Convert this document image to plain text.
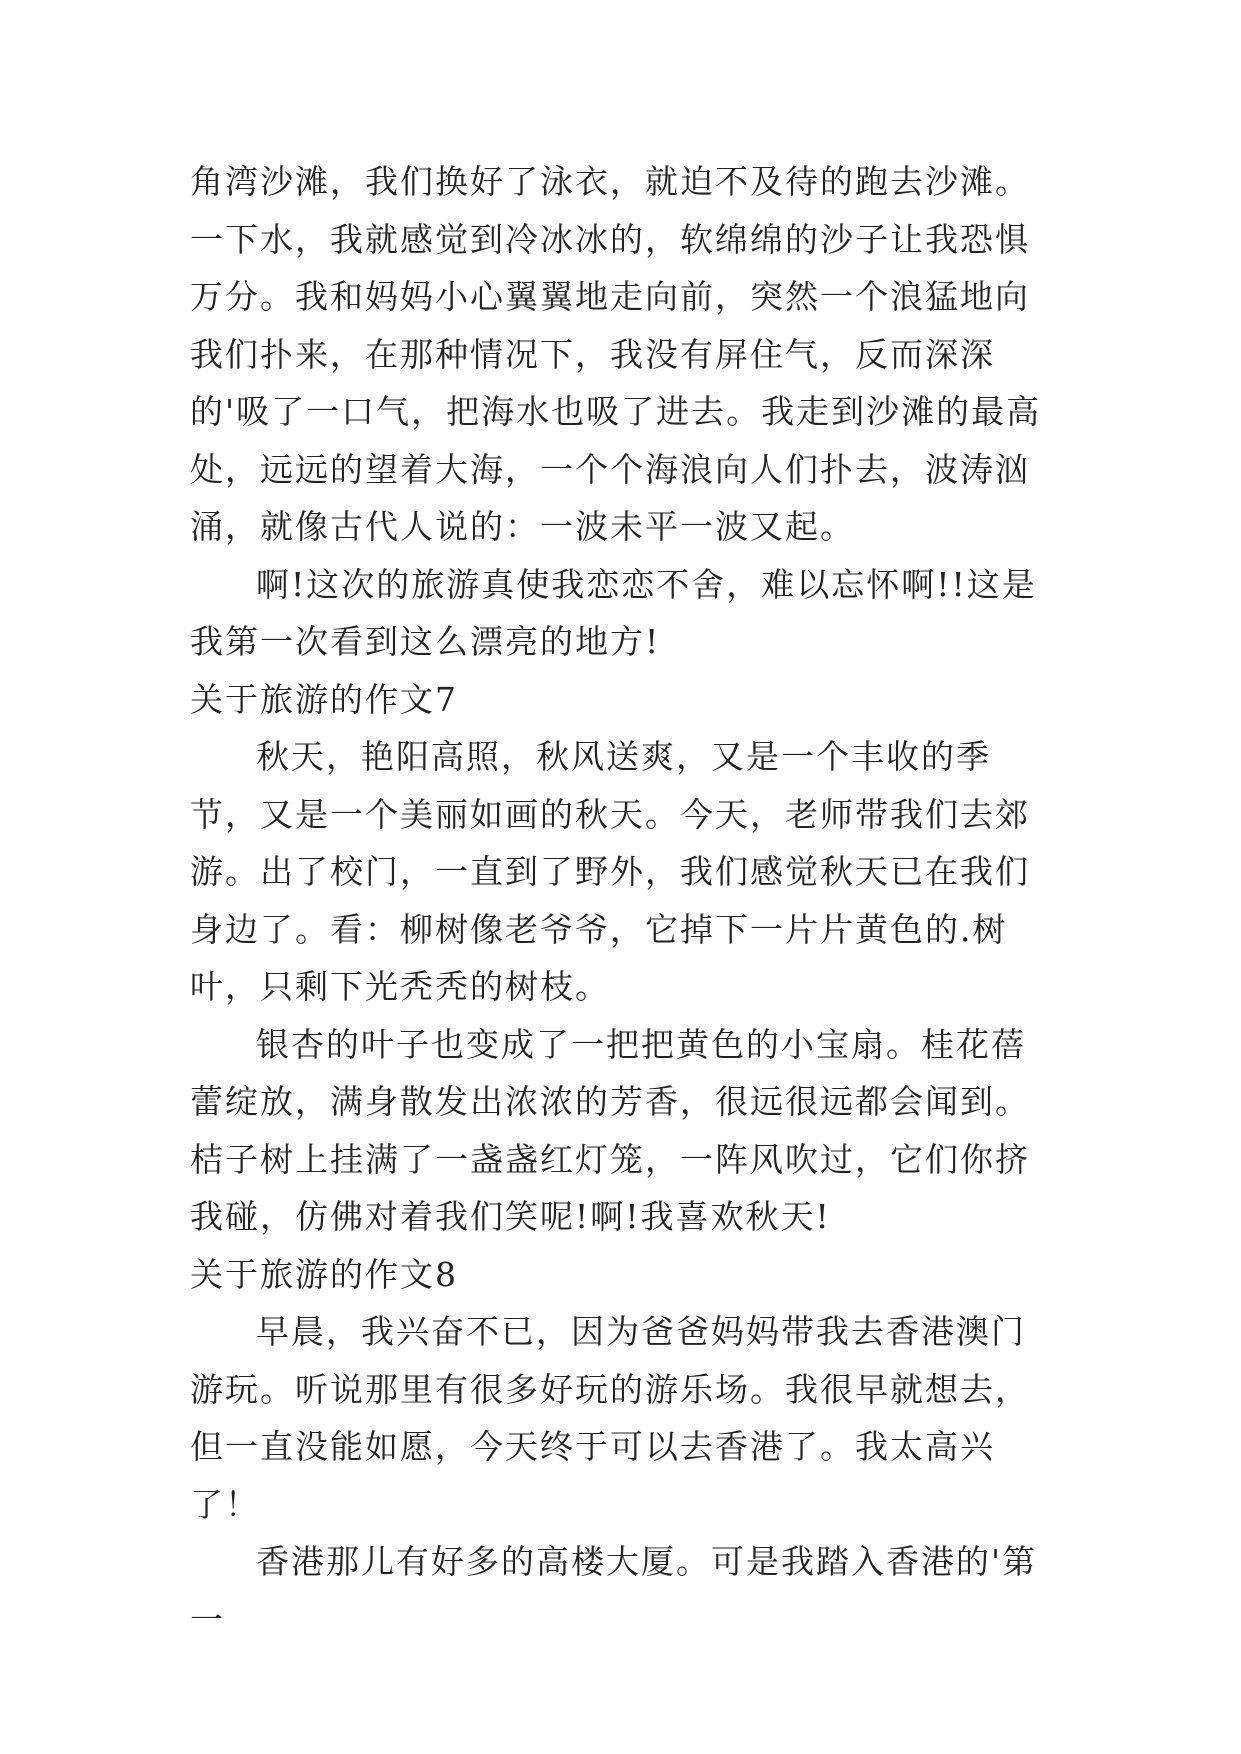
角湾沙滩，我们换好了泳衣，就迫不及待的跑去沙滩。一下水，我就感觉到冷冰冰的，软绵绵的沙子让我恐惧万分。我和妈妈小心翼翼地走向前，突然一个浪猛地向我们扑来，在那种情况下，我没有屏住气，反而深深的'吸了一口气，把海水也吸了进去。我走到沙滩的最高处，远远的望着大海，一个个海浪向人们扑去，波涛汹涌，就像古代人说的：一波未平一波又起。

啊!这次的旅游真使我恋恋不舍，难以忘怀啊!!这是我第一次看到这么漂亮的地方!

关于旅游的作文7

秋天，艳阳高照，秋风送爽，又是一个丰收的季节，又是一个美丽如画的秋天。今天，老师带我们去郊游。出了校门，一直到了野外，我们感觉秋天已在我们身边了。看：柳树像老爷爷，它掉下一片片黄色的.树叶，只剩下光秃秃的树枝。

银杏的叶子也变成了一把把黄色的小宝扇。桂花蓓蕾绽放，满身散发出浓浓的芳香，很远很远都会闻到。桔子树上挂满了一盏盏红灯笼，一阵风吹过，它们你挤我碰，仿佛对着我们笑呢!啊!我喜欢秋天!

关于旅游的作文8

早晨，我兴奋不已，因为爸爸妈妈带我去香港澳门游玩。听说那里有很多好玩的游乐场。我很早就想去，但一直没能如愿，今天终于可以去香港了。我太高兴了！

香港那儿有好多的高楼大厦。可是我踏入香港的'第一
